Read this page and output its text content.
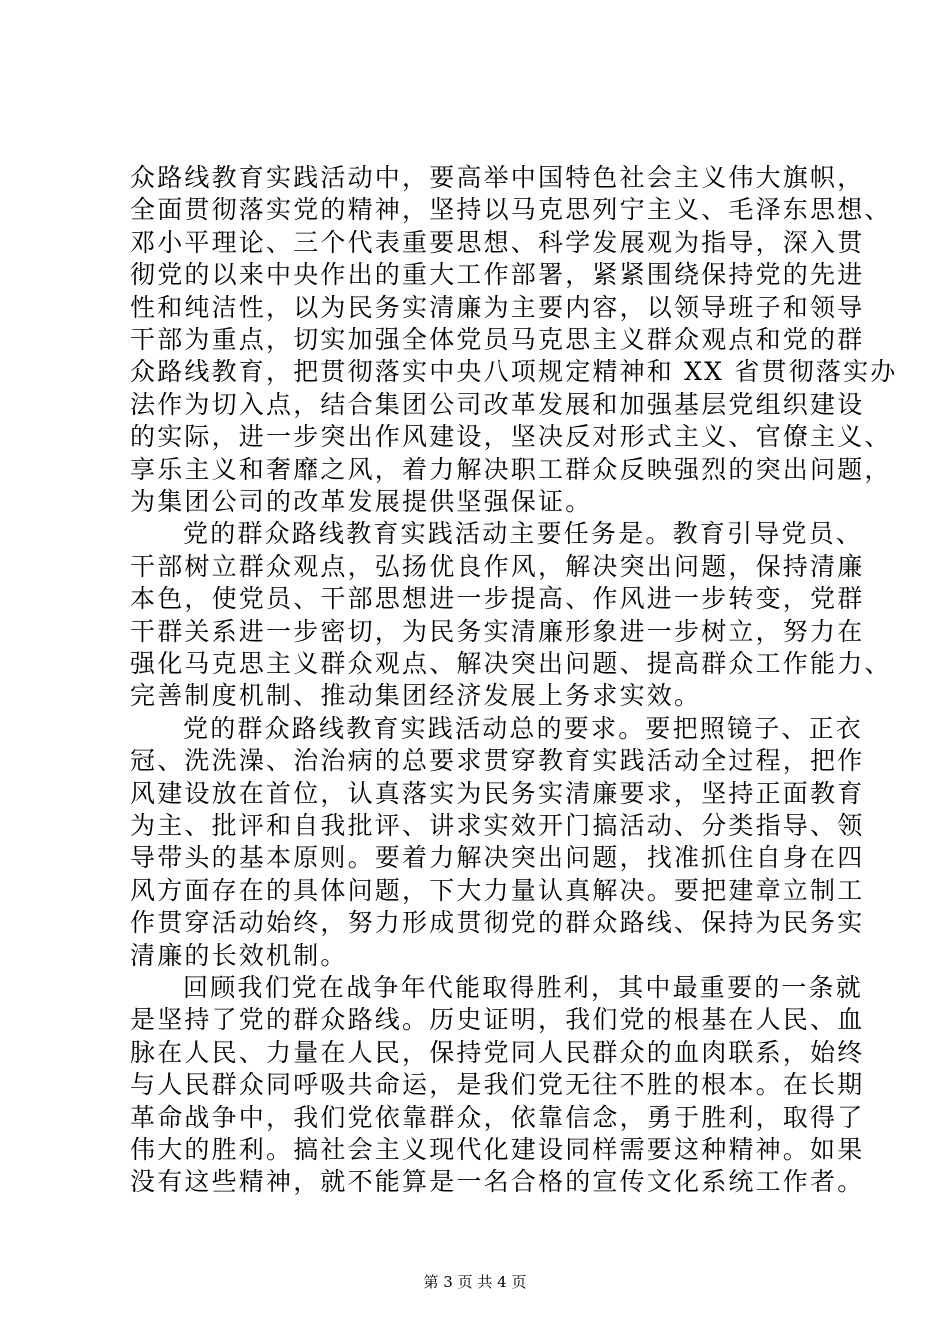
众路线教育实践活动中，要高举中国特色社会主义伟大旗帜，
全面贯彻落实党的精神，坚持以马克思列宁主义、毛泽东思想、
邓小平理论、三个代表重要思想、科学发展观为指导，深入贯
彻党的以来中央作出的重大工作部署，紧紧围绕保持党的先进
性和纯洁性，以为民务实清廉为主要内容，以领导班子和领导
干部为重点，切实加强全体党员马克思主义群众观点和党的群
众路线教育，把贯彻落实中央八项规定精神和 XX 省贯彻落实办
法作为切入点，结合集团公司改革发展和加强基层党组织建设
的实际，进一步突出作风建设，坚决反对形式主义、官僚主义、
享乐主义和奢靡之风，着力解决职工群众反映强烈的突出问题，
为集团公司的改革发展提供坚强保证。
党的群众路线教育实践活动主要任务是。教育引导党员、
干部树立群众观点，弘扬优良作风，解决突出问题，保持清廉
本色，使党员、干部思想进一步提高、作风进一步转变，党群
干群关系进一步密切，为民务实清廉形象进一步树立，努力在
强化马克思主义群众观点、解决突出问题、提高群众工作能力、
完善制度机制、推动集团经济发展上务求实效。
党的群众路线教育实践活动总的要求。要把照镜子、正衣
冠、洗洗澡、治治病的总要求贯穿教育实践活动全过程，把作
风建设放在首位，认真落实为民务实清廉要求，坚持正面教育
为主、批评和自我批评、讲求实效开门搞活动、分类指导、领
导带头的基本原则。要着力解决突出问题，找准抓住自身在四
风方面存在的具体问题，下大力量认真解决。要把建章立制工
作贯穿活动始终，努力形成贯彻党的群众路线、保持为民务实
清廉的长效机制。
回顾我们党在战争年代能取得胜利，其中最重要的一条就
是坚持了党的群众路线。历史证明，我们党的根基在人民、血
脉在人民、力量在人民，保持党同人民群众的血肉联系，始终
与人民群众同呼吸共命运，是我们党无往不胜的根本。在长期
革命战争中，我们党依靠群众，依靠信念，勇于胜利，取得了
伟大的胜利。搞社会主义现代化建设同样需要这种精神。如果
没有这些精神，就不能算是一名合格的宣传文化系统工作者。
第 3 页 共 4 页
